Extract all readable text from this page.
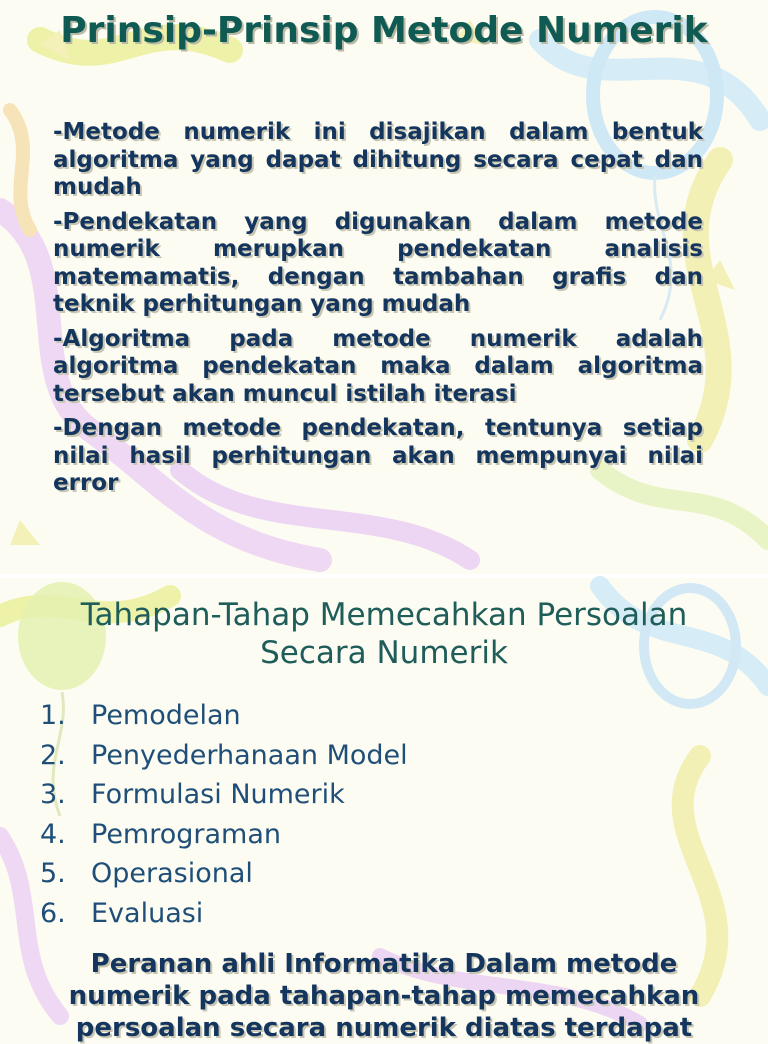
Prinsip-Prinsip Metode Numerik
-Metode numerik ini disajikan dalam bentuk algoritma yang dapat dihitung secara cepat dan mudah
-Pendekatan yang digunakan dalam metode numerik merupkan pendekatan analisis matemamatis, dengan tambahan grafis dan teknik perhitungan yang mudah
-Algoritma pada metode numerik adalah algoritma pendekatan maka dalam algoritma tersebut akan muncul istilah iterasi
-Dengan metode pendekatan, tentunya setiap nilai hasil perhitungan akan mempunyai nilai error
Tahapan-Tahap Memecahkan Persoalan Secara Numerik
1. Pemodelan
2. Penyederhanaan Model
3. Formulasi Numerik
4. Pemrograman
5. Operasional
6. Evaluasi

Peranan ahli Informatika Dalam metode numerik pada tahapan-tahap memecahkan persoalan secara numerik diatas terdapat
